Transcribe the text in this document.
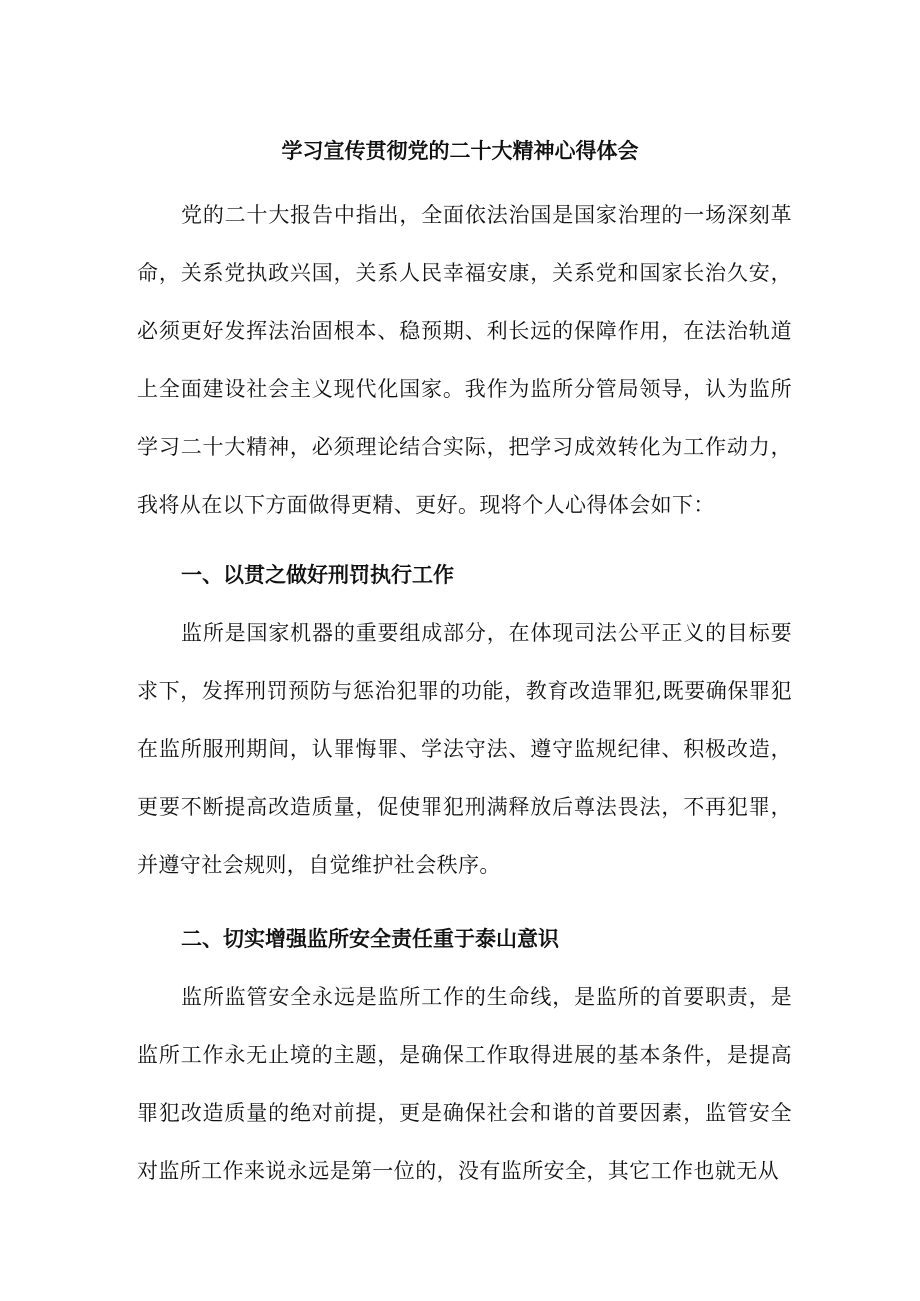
学习宣传贯彻党的二十大精神心得体会

党的二十大报告中指出，全面依法治国是国家治理的一场深刻革命，关系党执政兴国，关系人民幸福安康，关系党和国家长治久安，必须更好发挥法治固根本、稳预期、利长远的保障作用，在法治轨道上全面建设社会主义现代化国家。我作为监所分管局领导，认为监所学习二十大精神，必须理论结合实际，把学习成效转化为工作动力，我将从在以下方面做得更精、更好。现将个人心得体会如下：

一、以贯之做好刑罚执行工作

监所是国家机器的重要组成部分，在体现司法公平正义的目标要求下，发挥刑罚预防与惩治犯罪的功能，教育改造罪犯,既要确保罪犯在监所服刑期间，认罪悔罪、学法守法、遵守监规纪律、积极改造，更要不断提高改造质量，促使罪犯刑满释放后尊法畏法，不再犯罪，并遵守社会规则，自觉维护社会秩序。

二、切实增强监所安全责任重于泰山意识

监所监管安全永远是监所工作的生命线，是监所的首要职责，是监所工作永无止境的主题，是确保工作取得进展的基本条件，是提高罪犯改造质量的绝对前提，更是确保社会和谐的首要因素，监管安全对监所工作来说永远是第一位的，没有监所安全，其它工作也就无从
